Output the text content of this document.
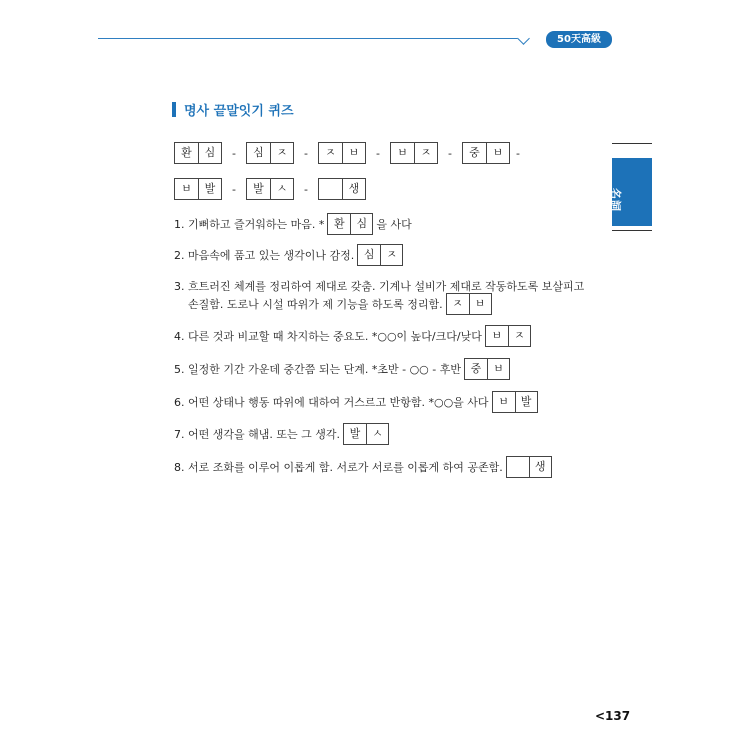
50天高級
名詞
명사 끝말잇기 퀴즈
환	심	-	심	ㅈ	-	ㅈ	ㅂ	-	ㅂ	ㅈ	-	중	ㅂ	-
ㅂ	발	-	발	ㅅ	-	생
1. 기뻐하고 즐거워하는 마음. * 환	심 을 사다
2. 마음속에 품고 있는 생각이나 감정. 심	ㅈ
3. 흐트러진 체계를 정리하여 제대로 갖춤. 기계나 설비가 제대로 작동하도록 보살피고
손질함. 도로나 시설 따위가 제 기능을 하도록 정리함. ㅈ	ㅂ
4. 다른 것과 비교할 때 차지하는 중요도. *○○이 높다/크다/낮다 ㅂ	ㅈ
5. 일정한 기간 가운데 중간쯤 되는 단계. *초반 - ○○ - 후반 중	ㅂ
6. 어떤 상태나 행동 따위에 대하여 거스르고 반항함. *○○을 사다 ㅂ	발
7. 어떤 생각을 해냄. 또는 그 생각. 발	ㅅ
8. 서로 조화를 이루어 이롭게 함. 서로가 서로를 이롭게 하여 공존함.	생
<137
